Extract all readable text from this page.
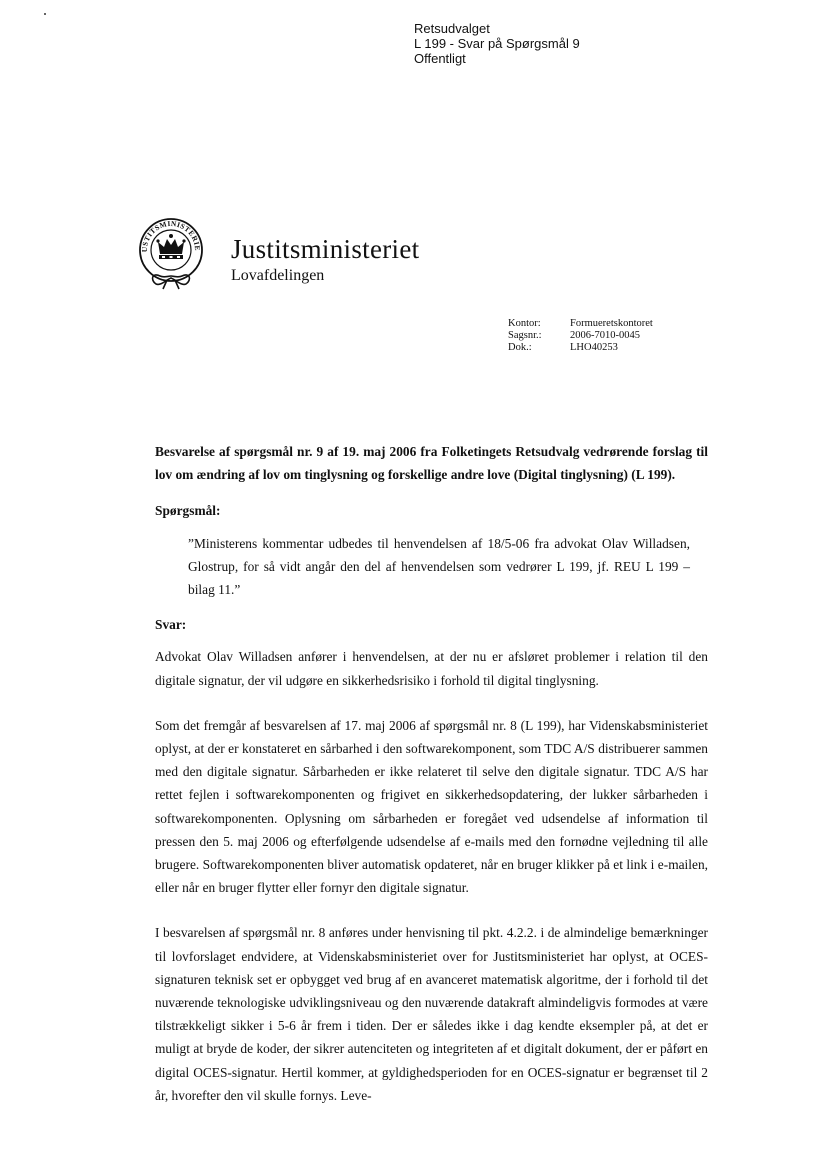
Retsudvalget
L 199 - Svar på Spørgsmål 9
Offentligt
USTITSMINISTERIE Justitsministeriet
Lovafdelingen
Kontor:	Formueretskontoret
Sagsnr.:	2006-7010-0045
Dok.:	LHO40253

Besvarelse af spørgsmål nr. 9 af 19. maj 2006 fra Folketingets Retsudvalg vedrørende forslag til lov om ændring af lov om tinglysning og forskellige andre love (Digital tinglysning) (L 199).

Spørgsmål:

”Ministerens kommentar udbedes til henvendelsen af 18/5-06 fra advokat Olav Willadsen, Glostrup, for så vidt angår den del af henvendelsen som vedrører L 199, jf. REU L 199 – bilag 11.”

Svar:

Advokat Olav Willadsen anfører i henvendelsen, at der nu er afsløret problemer i relation til den digitale signatur, der vil udgøre en sikkerhedsrisiko i forhold til digital tinglysning.

Som det fremgår af besvarelsen af 17. maj 2006 af spørgsmål nr. 8 (L 199), har Videnskabsministeriet oplyst, at der er konstateret en sårbarhed i den softwarekomponent, som TDC A/S distribuerer sammen med den digitale signatur. Sårbarheden er ikke relateret til selve den digitale signatur. TDC A/S har rettet fejlen i softwarekomponenten og frigivet en sikkerhedsopdatering, der lukker sårbarheden i softwarekomponenten. Oplysning om sårbarheden er foregået ved udsendelse af information til pressen den 5. maj 2006 og efterfølgende udsendelse af e-mails med den fornødne vejledning til alle brugere. Softwarekomponenten bliver automatisk opdateret, når en bruger klikker på et link i e-mailen, eller når en bruger flytter eller fornyr den digitale signatur.

I besvarelsen af spørgsmål nr. 8 anføres under henvisning til pkt. 4.2.2. i de almindelige bemærkninger til lovforslaget endvidere, at Videnskabsministeriet over for Justitsministeriet har oplyst, at OCES-signaturen teknisk set er opbygget ved brug af en avanceret matematisk algoritme, der i forhold til det nuværende teknologiske udviklingsniveau og den nuværende datakraft almindeligvis formodes at være tilstrækkeligt sikker i 5-6 år frem i tiden. Der er således ikke i dag kendte eksempler på, at det er muligt at bryde de koder, der sikrer autenciteten og integriteten af et digitalt dokument, der er påført en digital OCES-signatur. Hertil kommer, at gyldighedsperioden for en OCES-signatur er begrænset til 2 år, hvorefter den vil skulle fornys. Leve-
